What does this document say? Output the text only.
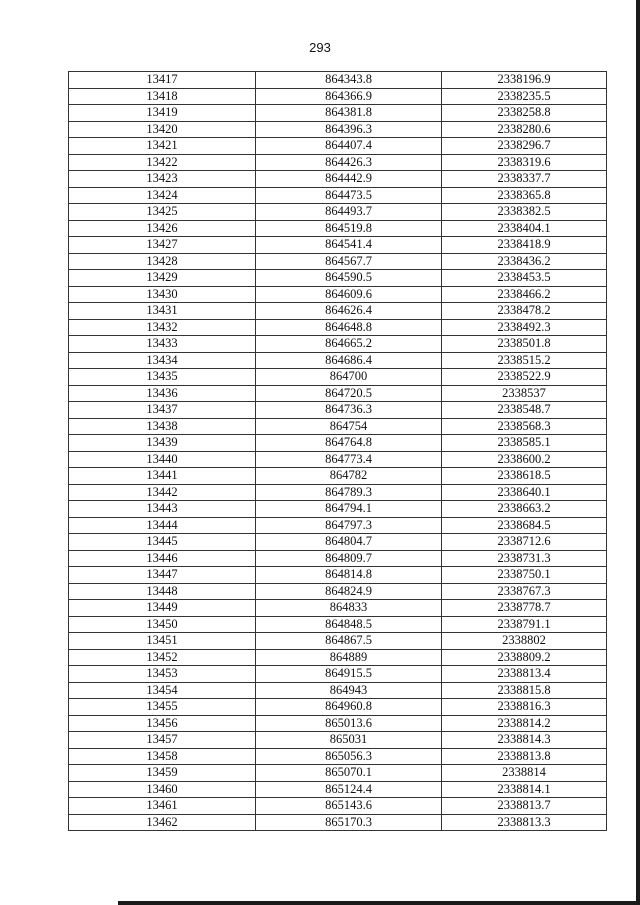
293
13417	864343.8	2338196.9
13418	864366.9	2338235.5
13419	864381.8	2338258.8
13420	864396.3	2338280.6
13421	864407.4	2338296.7
13422	864426.3	2338319.6
13423	864442.9	2338337.7
13424	864473.5	2338365.8
13425	864493.7	2338382.5
13426	864519.8	2338404.1
13427	864541.4	2338418.9
13428	864567.7	2338436.2
13429	864590.5	2338453.5
13430	864609.6	2338466.2
13431	864626.4	2338478.2
13432	864648.8	2338492.3
13433	864665.2	2338501.8
13434	864686.4	2338515.2
13435	864700	2338522.9
13436	864720.5	2338537
13437	864736.3	2338548.7
13438	864754	2338568.3
13439	864764.8	2338585.1
13440	864773.4	2338600.2
13441	864782	2338618.5
13442	864789.3	2338640.1
13443	864794.1	2338663.2
13444	864797.3	2338684.5
13445	864804.7	2338712.6
13446	864809.7	2338731.3
13447	864814.8	2338750.1
13448	864824.9	2338767.3
13449	864833	2338778.7
13450	864848.5	2338791.1
13451	864867.5	2338802
13452	864889	2338809.2
13453	864915.5	2338813.4
13454	864943	2338815.8
13455	864960.8	2338816.3
13456	865013.6	2338814.2
13457	865031	2338814.3
13458	865056.3	2338813.8
13459	865070.1	2338814
13460	865124.4	2338814.1
13461	865143.6	2338813.7
13462	865170.3	2338813.3
